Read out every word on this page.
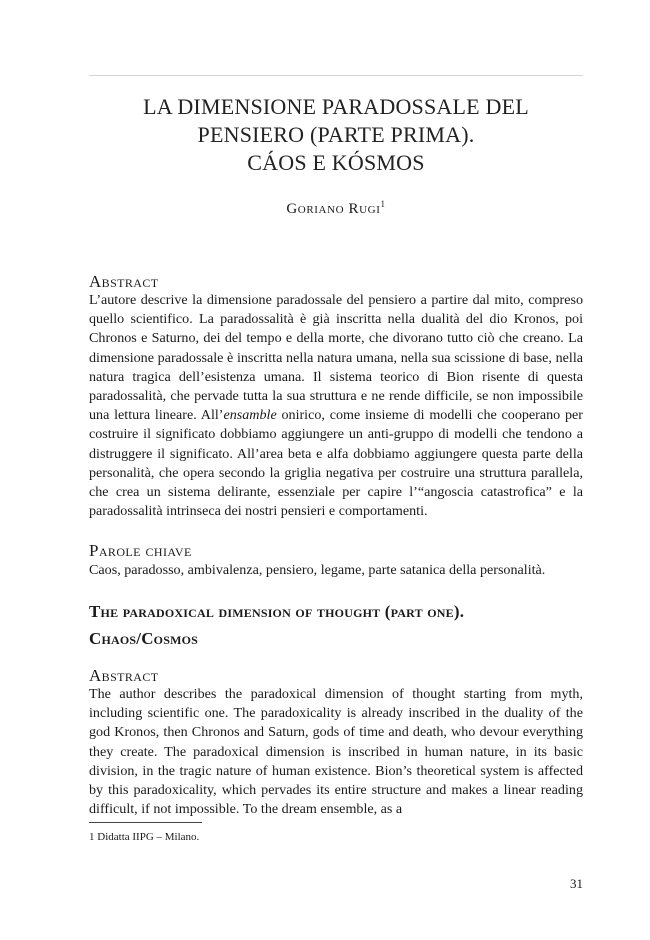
LA DIMENSIONE PARADOSSALE DEL
PENSIERO (PARTE PRIMA).
CÁOS E KÓSMOS
Goriano Rugi$^1$
Abstract
L’autore descrive la dimensione paradossale del pensiero a partire dal mito, compreso quello scientifico. La paradossalità è già inscritta nella dualità del dio Kronos, poi Chronos e Saturno, dei del tempo e della morte, che divorano tutto ciò che creano. La dimensione paradossale è inscritta nella natura umana, nella sua scissione di base, nella natura tragica dell’esistenza umana. Il sistema teorico di Bion risente di questa paradossalità, che pervade tutta la sua struttura e ne rende difficile, se non impossibile una lettura lineare. All’ensamble onirico, come insieme di modelli che cooperano per costruire il significato dobbiamo aggiungere un anti-gruppo di modelli che tendono a distruggere il significato. All’area beta e alfa dobbiamo aggiungere questa parte della personalità, che opera secondo la griglia negativa per costruire una struttura parallela, che crea un sistema delirante, essenziale per capire l’“angoscia catastrofica” e la paradossalità intrinseca dei nostri pensieri e comportamenti.
Parole chiave
Caos, paradosso, ambivalenza, pensiero, legame, parte satanica della personalità.
The paradoxical dimension of thought (part one).
Chaos/Cosmos
Abstract
The author describes the paradoxical dimension of thought starting from myth, including scientific one. The paradoxicality is already inscribed in the duality of the god Kronos, then Chronos and Saturn, gods of time and death, who devour everything they create. The paradoxical dimension is inscribed in human nature, in its basic division, in the tragic nature of human existence. Bion’s theoretical system is affected by this paradoxicality, which pervades its entire structure and makes a linear reading difficult, if not impossible. To the dream ensemble, as a
1 Didatta IIPG – Milano.
31
